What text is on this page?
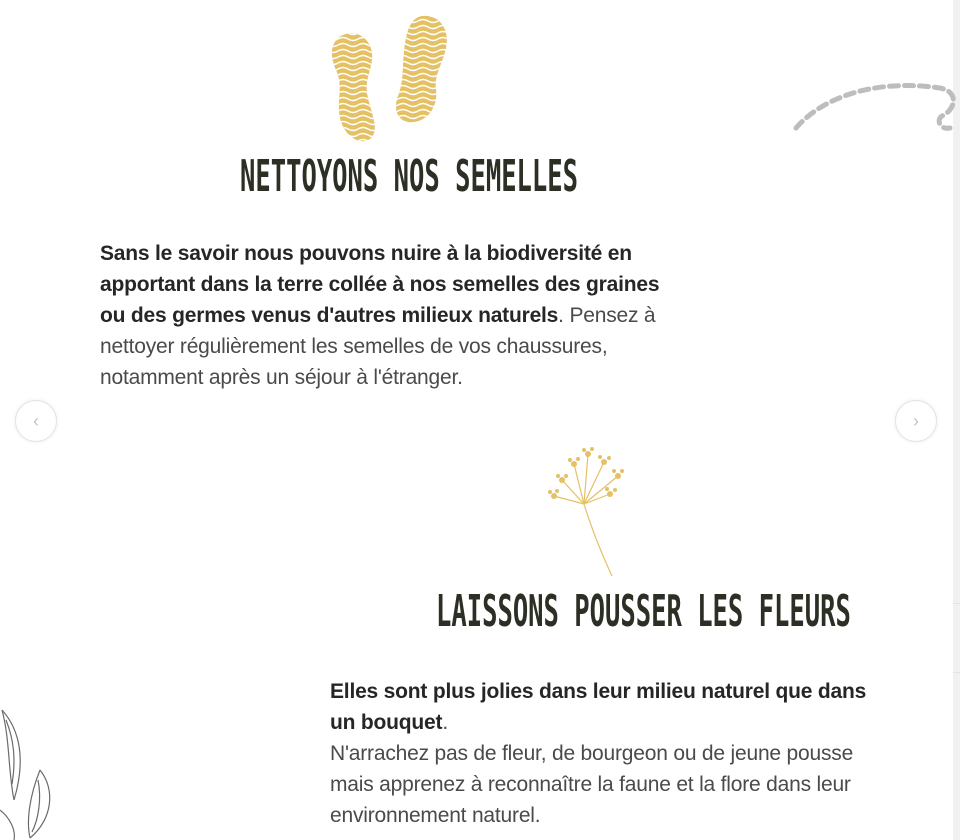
NETTOYONS NOS SEMELLES

Sans le savoir nous pouvons nuire à la biodiversité en apportant dans la terre collée à nos semelles des graines ou des germes venus d'autres milieux naturels. Pensez à nettoyer régulièrement les semelles de vos chaussures, notamment après un séjour à l'étranger.

‹	›
LAISSONS POUSSER LES FLEURS

Elles sont plus jolies dans leur milieu naturel que dans un bouquet.
N'arrachez pas de fleur, de bourgeon ou de jeune pousse mais apprenez à reconnaître la faune et la flore dans leur environnement naturel.
